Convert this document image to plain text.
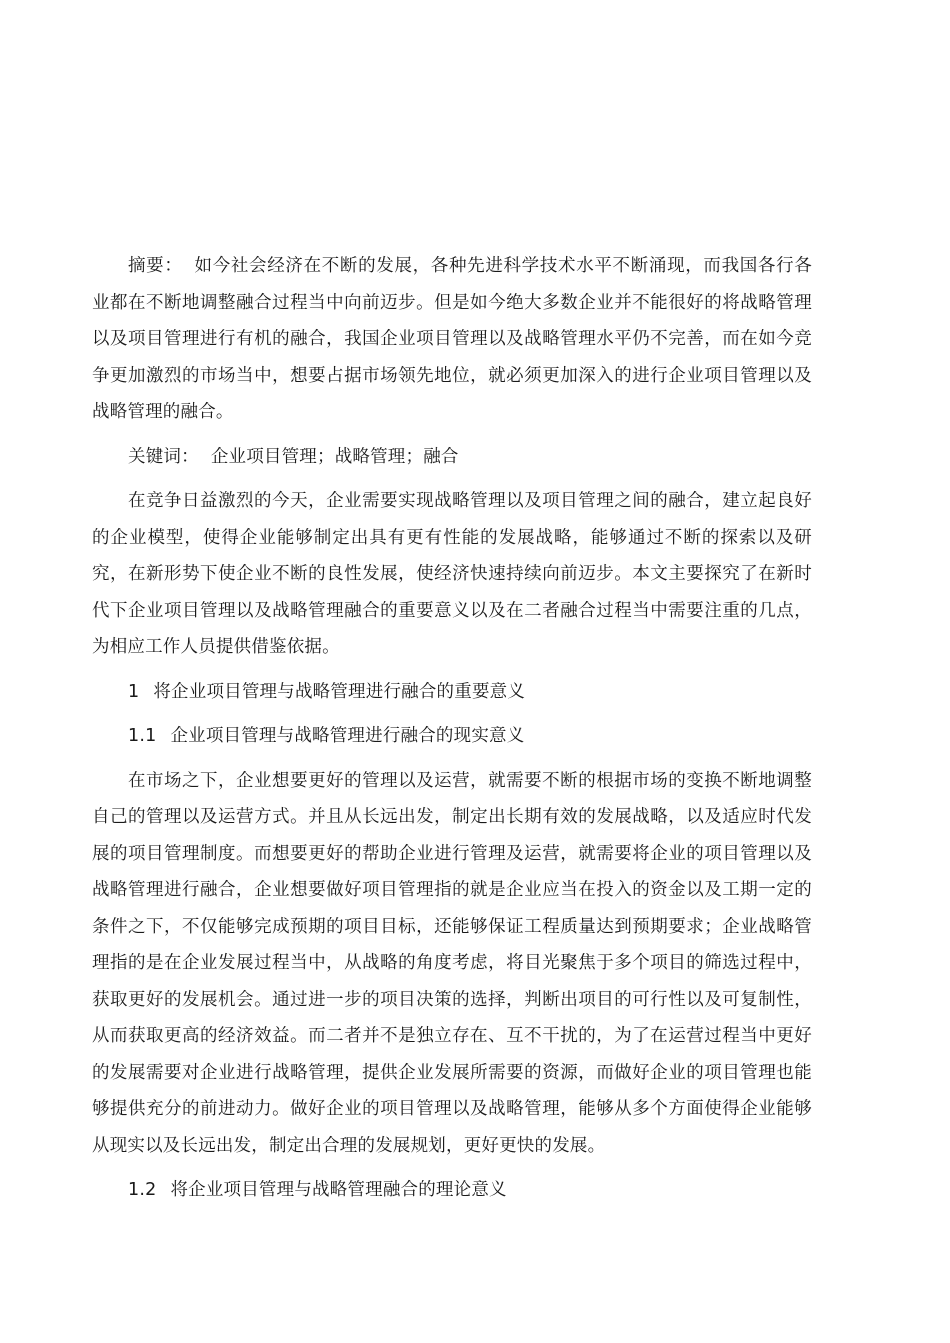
摘要： 如今社会经济在不断的发展，各种先进科学技术水平不断涌现，而我国各行各业都在不断地调整融合过程当中向前迈步。但是如今绝大多数企业并不能很好的将战略管理以及项目管理进行有机的融合，我国企业项目管理以及战略管理水平仍不完善，而在如今竞争更加激烈的市场当中，想要占据市场领先地位，就必须更加深入的进行企业项目管理以及战略管理的融合。

关键词： 企业项目管理；战略管理；融合

在竞争日益激烈的今天，企业需要实现战略管理以及项目管理之间的融合，建立起良好的企业模型，使得企业能够制定出具有更有性能的发展战略，能够通过不断的探索以及研究，在新形势下使企业不断的良性发展，使经济快速持续向前迈步。本文主要探究了在新时代下企业项目管理以及战略管理融合的重要意义以及在二者融合过程当中需要注重的几点，为相应工作人员提供借鉴依据。

1 将企业项目管理与战略管理进行融合的重要意义

1.1 企业项目管理与战略管理进行融合的现实意义

在市场之下，企业想要更好的管理以及运营，就需要不断的根据市场的变换不断地调整自己的管理以及运营方式。并且从长远出发，制定出长期有效的发展战略，以及适应时代发展的项目管理制度。而想要更好的帮助企业进行管理及运营，就需要将企业的项目管理以及战略管理进行融合，企业想要做好项目管理指的就是企业应当在投入的资金以及工期一定的条件之下，不仅能够完成预期的项目目标，还能够保证工程质量达到预期要求；企业战略管理指的是在企业发展过程当中，从战略的角度考虑，将目光聚焦于多个项目的筛选过程中，获取更好的发展机会。通过进一步的项目决策的选择，判断出项目的可行性以及可复制性，从而获取更高的经济效益。而二者并不是独立存在、互不干扰的，为了在运营过程当中更好的发展需要对企业进行战略管理，提供企业发展所需要的资源，而做好企业的项目管理也能够提供充分的前进动力。做好企业的项目管理以及战略管理，能够从多个方面使得企业能够从现实以及长远出发，制定出合理的发展规划，更好更快的发展。

1.2 将企业项目管理与战略管理融合的理论意义
